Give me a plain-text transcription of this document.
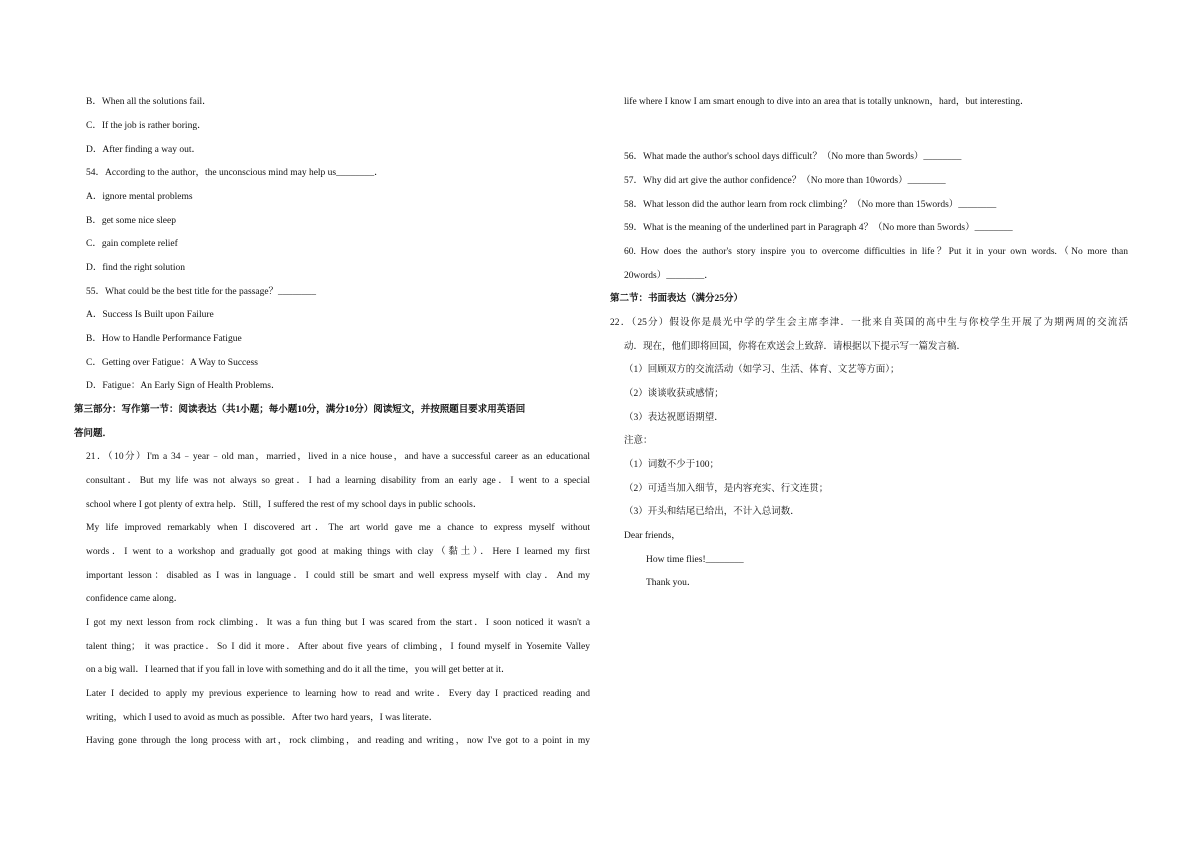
B．When all the solutions fail．
C．If the job is rather boring．
D．After finding a way out．
54．According to the author，the unconscious mind may help us________．
A．ignore mental problems
B．get some nice sleep
C．gain complete relief
D．find the right solution
55．What could be the best title for the passage？________
A．Success Is Built upon Failure
B．How to Handle Performance Fatigue
C．Getting over Fatigue：A Way to Success
D．Fatigue：An Early Sign of Health Problems．
第三部分：写作第一节：阅读表达（共1小题；每小题10分，满分10分）阅读短文，并按照题目要求用英语回
答问题．
21．（10分）I'm a 34﹣year﹣old man，married，lived in a nice house，and have a successful career as an educational
consultant．But my life was not always so great．I had a learning disability from an early age．I went to a special
school where I got plenty of extra help．Still，I suffered the rest of my school days in public schools．
My life improved remarkably when I discovered art．The art world gave me a chance to express myself without
words．I went to a workshop and gradually got good at making things with clay（黏土）．Here I learned my first
important lesson：disabled as I was in language．I could still be smart and well express myself with clay．And my
confidence came along．
I got my next lesson from rock climbing．It was a fun thing but I was scared from the start．I soon noticed it wasn't a
talent thing； it was practice．So I did it more．After about five years of climbing，I found myself in Yosemite Valley
on a big wall．I learned that if you fall in love with something and do it all the time，you will get better at it．
Later I decided to apply my previous experience to learning how to read and write．Every day I practiced reading and
writing，which I used to avoid as much as possible．After two hard years，I was literate．
Having gone through the long process with art，rock climbing，and reading and writing，now I've got to a point in my
life where I know I am smart enough to dive into an area that is totally unknown，hard，but interesting．
56．What made the author's school days difficult？（No more than 5words）________
57．Why did art give the author confidence？（No more than 10words）________
58．What lesson did the author learn from rock climbing？（No more than 15words）________
59．What is the meaning of the underlined part in Paragraph 4？（No more than 5words）________
60. How does the author's story inspire you to overcome difficulties in life？Put it in your own words.（No more than
20words）________．
第二节：书面表达（满分25分）
22．（25分）假设你是晨光中学的学生会主席李津．一批来自英国的高中生与你校学生开展了为期两周的交流活
动．现在，他们即将回国，你将在欢送会上致辞．请根据以下提示写一篇发言稿．
（1）回顾双方的交流活动（如学习、生活、体育、文艺等方面）；
（2）谈谈收获或感情；
（3）表达祝愿语期望．
注意：
（1）词数不少于100；
（2）可适当加入细节，是内容充实、行文连贯；
（3）开头和结尾已给出，不计入总词数．
Dear friends，
How time flies!________
Thank you．
